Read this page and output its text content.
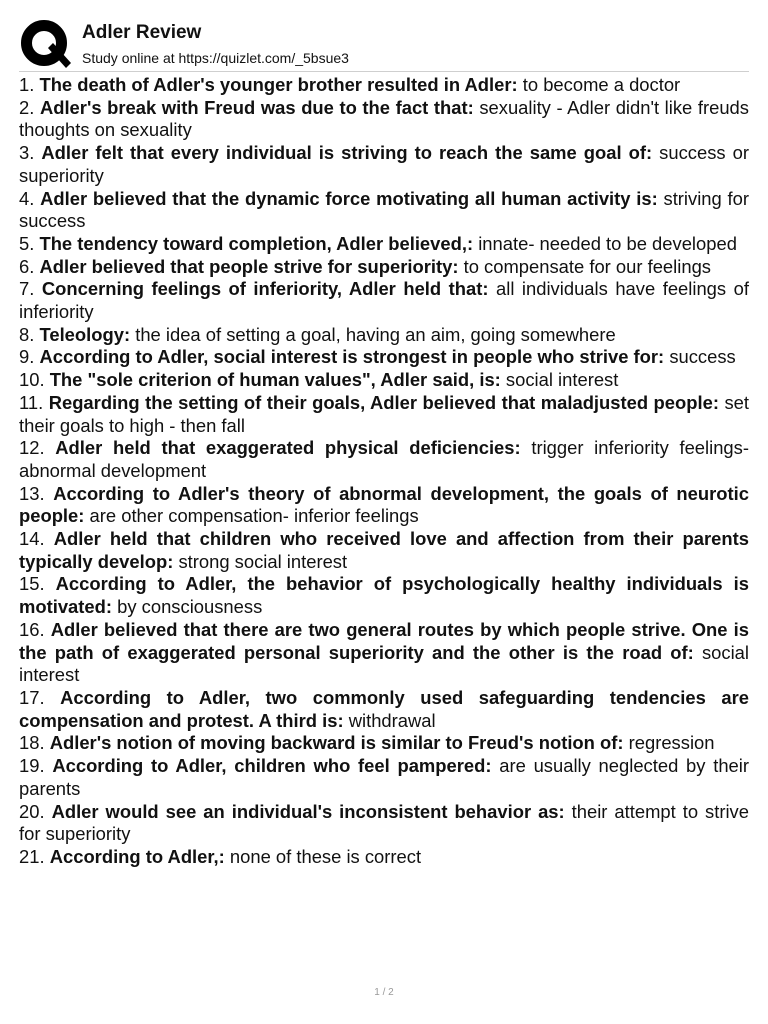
Adler Review
Study online at https://quizlet.com/_5bsue3
1. The death of Adler's younger brother resulted in Adler: to become a doctor
2. Adler's break with Freud was due to the fact that: sexuality - Adler didn't like freuds thoughts on sexuality
3. Adler felt that every individual is striving to reach the same goal of: success or superiority
4. Adler believed that the dynamic force motivating all human activity is: striving for success
5. The tendency toward completion, Adler believed,: innate- needed to be developed
6. Adler believed that people strive for superiority: to compensate for our feelings
7. Concerning feelings of inferiority, Adler held that: all individuals have feelings of inferiority
8. Teleology: the idea of setting a goal, having an aim, going somewhere
9. According to Adler, social interest is strongest in people who strive for: success
10. The "sole criterion of human values", Adler said, is: social interest
11. Regarding the setting of their goals, Adler believed that maladjusted people: set their goals to high - then fall
12. Adler held that exaggerated physical deficiencies: trigger inferiority feelings- abnormal development
13. According to Adler's theory of abnormal development, the goals of neurotic people: are other compensation- inferior feelings
14. Adler held that children who received love and affection from their parents typically develop: strong social interest
15. According to Adler, the behavior of psychologically healthy individuals is motivated: by consciousness
16. Adler believed that there are two general routes by which people strive. One is the path of exaggerated personal superiority and the other is the road of: social interest
17. According to Adler, two commonly used safeguarding tendencies are compensation and protest. A third is: withdrawal
18. Adler's notion of moving backward is similar to Freud's notion of: regression
19. According to Adler, children who feel pampered: are usually neglected by their parents
20. Adler would see an individual's inconsistent behavior as: their attempt to strive for superiority
21. According to Adler,: none of these is correct
1 / 2
